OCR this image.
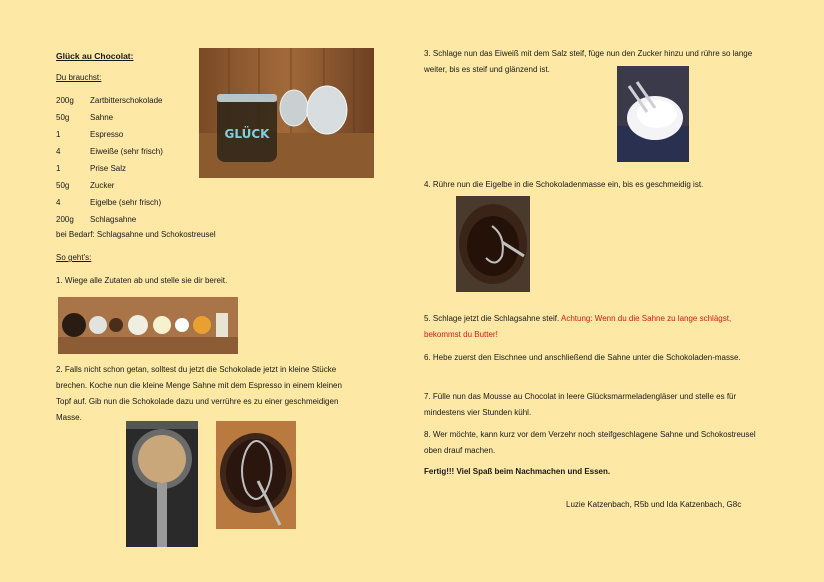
Glück au Chocolat:
Du brauchst:
200g Zartbitterschokolade
50g	Sahne
1	Espresso
4	Eiweiße (sehr frisch)
1	Prise Salz
50g	Zucker
4	Eigelbe (sehr frisch)
200g Schlagsahne
bei Bedarf: Schlagsahne und Schokostreusel
So geht's:
1. Wiege alle Zutaten ab und stelle sie dir bereit.
GLÜCK
2. Falls nicht schon getan, solltest du jetzt die Schokolade jetzt in kleine Stücke brechen. Koche nun die kleine Menge Sahne mit dem Espresso in einem kleinen Topf auf. Gib nun die Schokolade dazu und verrühre es zu einer geschmeidigen Masse.
3. Schlage nun das Eiweiß mit dem Salz steif, füge nun den Zucker hinzu und rühre so lange weiter, bis es steif und glänzend ist.
4. Rühre nun die Eigelbe in die Schokoladenmasse ein, bis es geschmeidig ist.
5. Schlage jetzt die Schlagsahne steif. Achtung: Wenn du die Sahne zu lange schlägst, bekommst du Butter!
6. Hebe zuerst den Eischnee und anschließend die Sahne unter die Schokoladen-masse.
7. Fülle nun das Mousse au Chocolat in leere Glücksmarmeladengläser und stelle es für mindestens vier Stunden kühl.
8. Wer möchte, kann kurz vor dem Verzehr noch steifgeschlagene Sahne und Schokostreusel oben drauf machen.
Fertig!!! Viel Spaß beim Nachmachen und Essen.
Luzie Katzenbach, R5b und Ida Katzenbach, G8c
